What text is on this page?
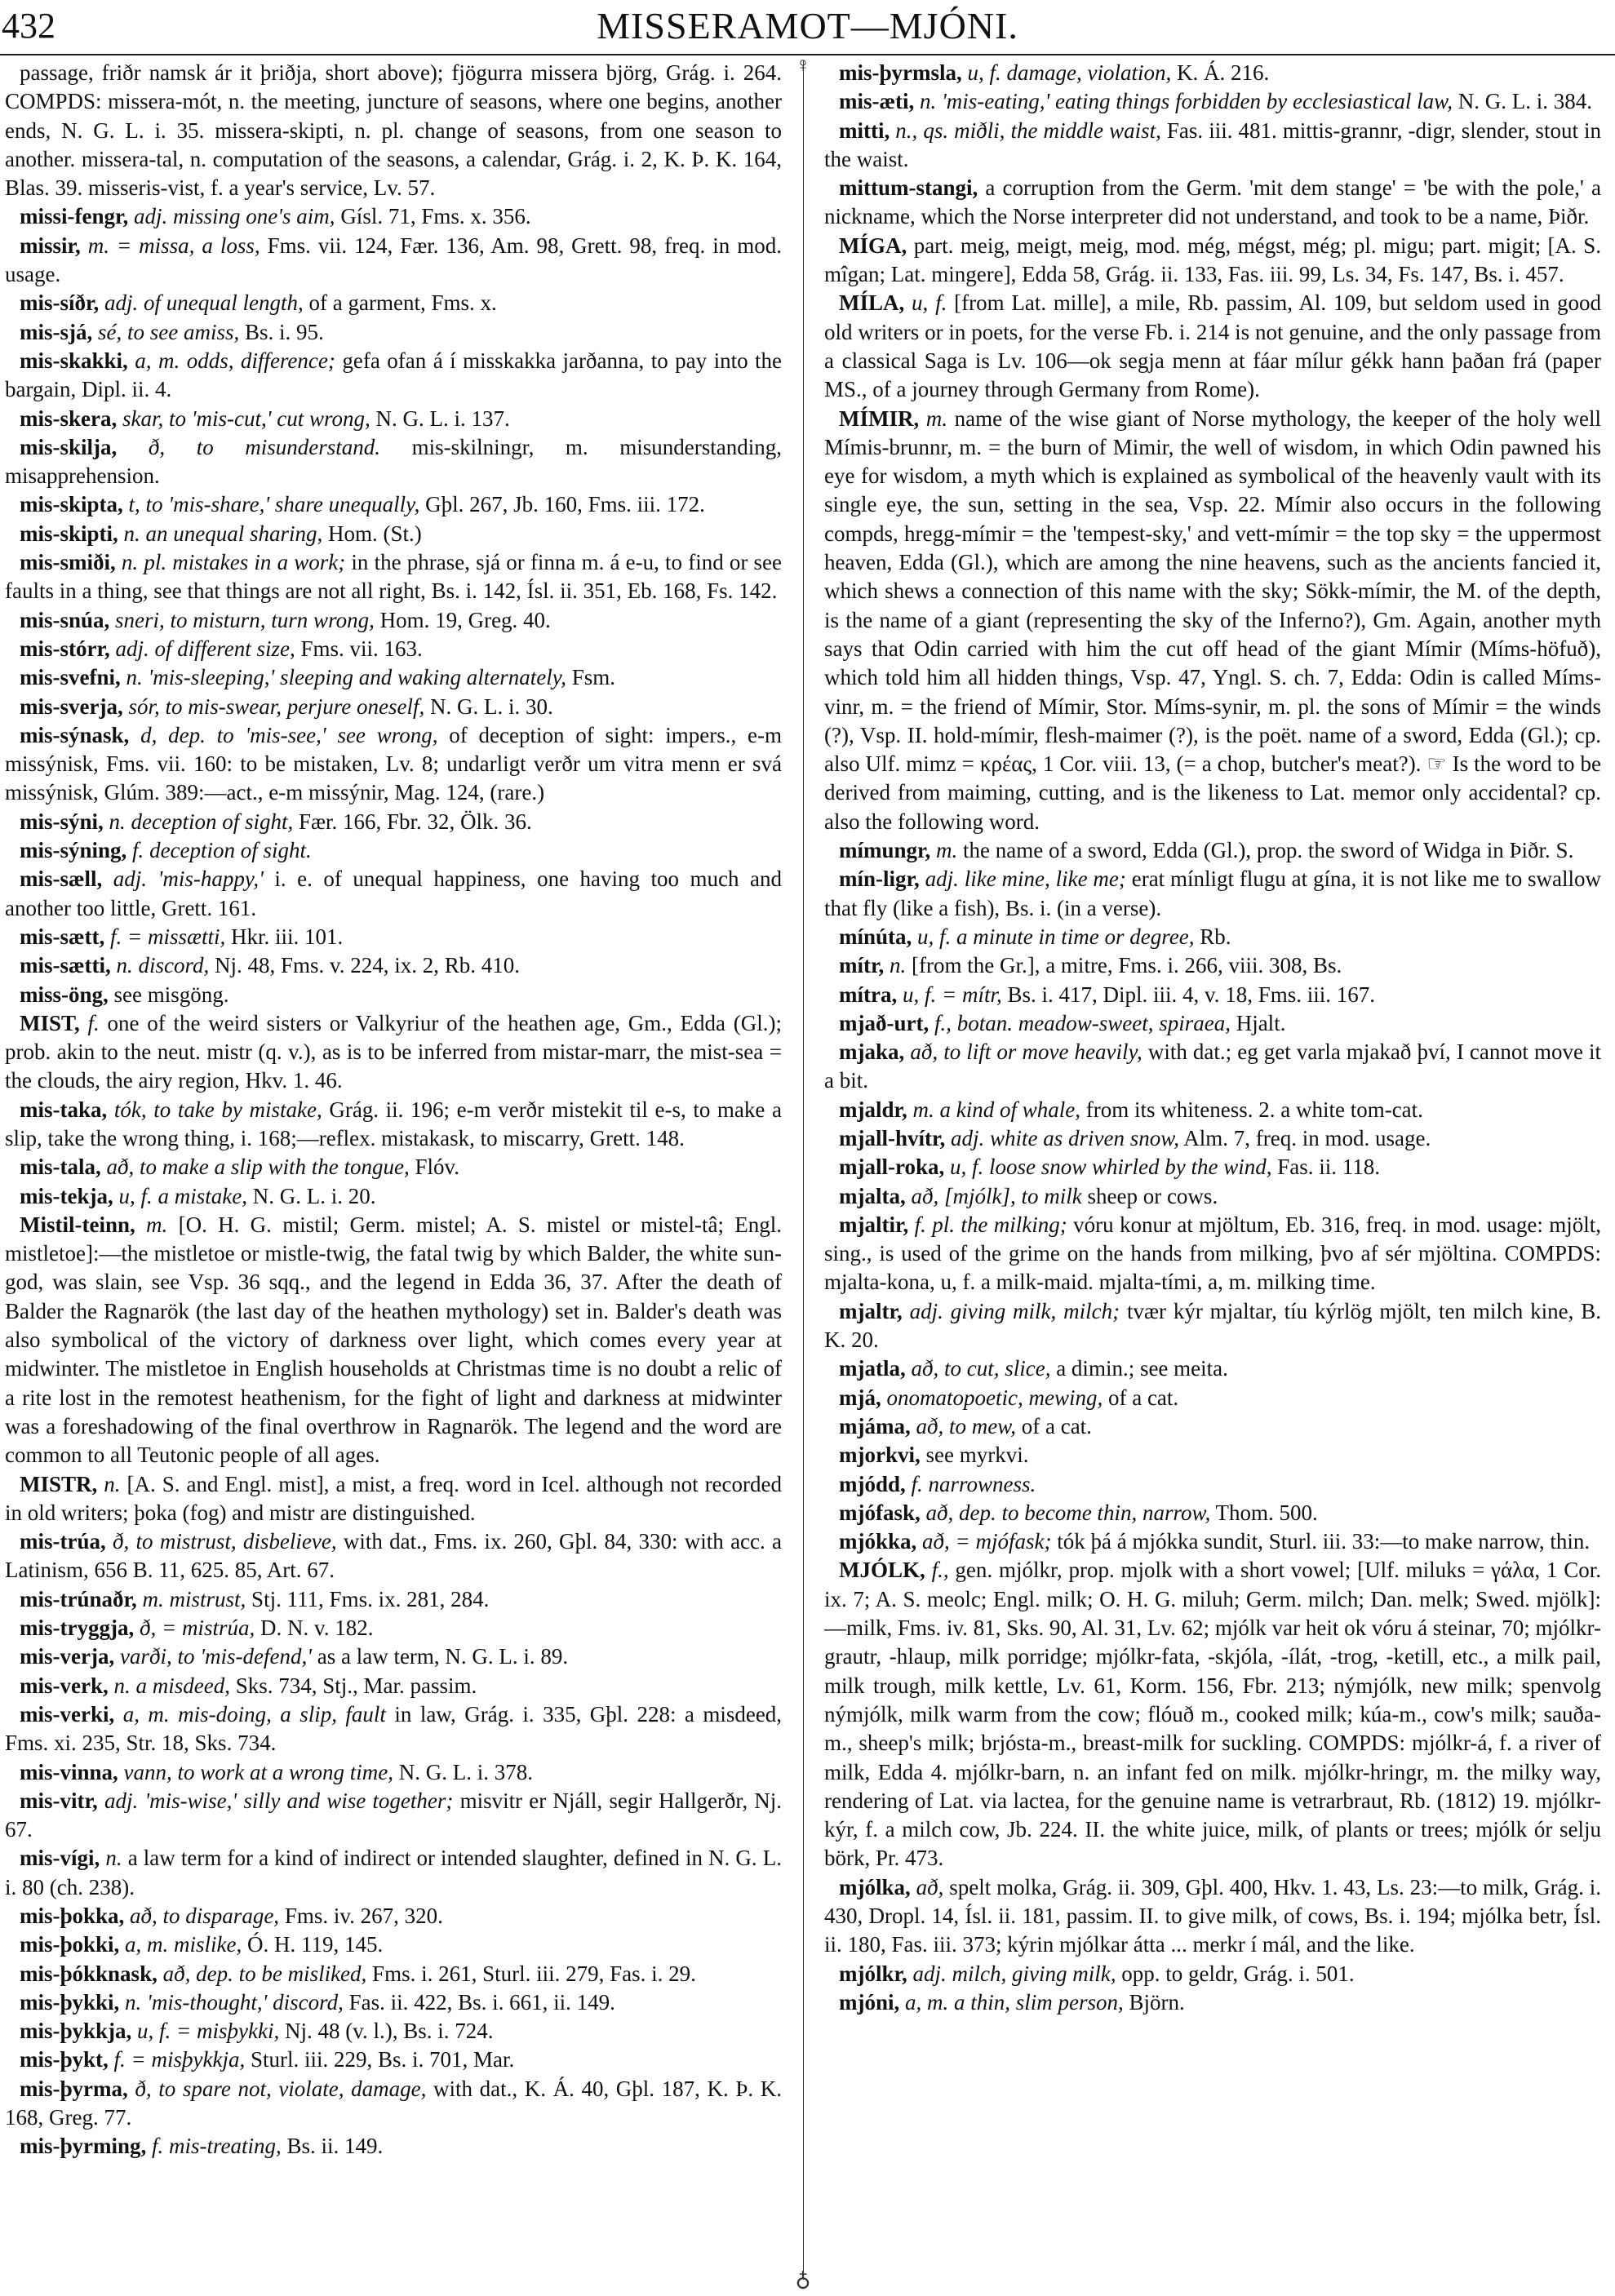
432	MISSERAMOT—MJÓNI.
♀
♁

passage, friðr namsk ár it þriðja, short above); fjögurra missera björg, Grág. i. 264. COMPDS: missera-mót, n. the meeting, juncture of seasons, where one begins, another ends, N. G. L. i. 35. missera-skipti, n. pl. change of seasons, from one season to another. missera-tal, n. computation of the seasons, a calendar, Grág. i. 2, K. Þ. K. 164, Blas. 39. misseris-vist, f. a year's service, Lv. 57.

missi-fengr, adj. missing one's aim, Gísl. 71, Fms. x. 356.

missir, m. = missa, a loss, Fms. vii. 124, Fær. 136, Am. 98, Grett. 98, freq. in mod. usage.

mis-síðr, adj. of unequal length, of a garment, Fms. x.

mis-sjá, sé, to see amiss, Bs. i. 95.

mis-skakki, a, m. odds, difference; gefa ofan á í misskakka jarðanna, to pay into the bargain, Dipl. ii. 4.

mis-skera, skar, to 'mis-cut,' cut wrong, N. G. L. i. 137.

mis-skilja, ð, to misunderstand. mis-skilningr, m. misunderstanding, misapprehension.

mis-skipta, t, to 'mis-share,' share unequally, Gþl. 267, Jb. 160, Fms. iii. 172.

mis-skipti, n. an unequal sharing, Hom. (St.)

mis-smiði, n. pl. mistakes in a work; in the phrase, sjá or finna m. á e-u, to find or see faults in a thing, see that things are not all right, Bs. i. 142, Ísl. ii. 351, Eb. 168, Fs. 142.

mis-snúa, sneri, to misturn, turn wrong, Hom. 19, Greg. 40.

mis-stórr, adj. of different size, Fms. vii. 163.

mis-svefni, n. 'mis-sleeping,' sleeping and waking alternately, Fsm.

mis-sverja, sór, to mis-swear, perjure oneself, N. G. L. i. 30.

mis-sýnask, d, dep. to 'mis-see,' see wrong, of deception of sight: impers., e-m missýnisk, Fms. vii. 160: to be mistaken, Lv. 8; undarligt verðr um vitra menn er svá missýnisk, Glúm. 389:—act., e-m missýnir, Mag. 124, (rare.)

mis-sýni, n. deception of sight, Fær. 166, Fbr. 32, Ölk. 36.

mis-sýning, f. deception of sight.

mis-sæll, adj. 'mis-happy,' i. e. of unequal happiness, one having too much and another too little, Grett. 161.

mis-sætt, f. = missætti, Hkr. iii. 101.

mis-sætti, n. discord, Nj. 48, Fms. v. 224, ix. 2, Rb. 410.

miss-öng, see misgöng.

MIST, f. one of the weird sisters or Valkyriur of the heathen age, Gm., Edda (Gl.); prob. akin to the neut. mistr (q. v.), as is to be inferred from mistar-marr, the mist-sea = the clouds, the airy region, Hkv. 1. 46.

mis-taka, tók, to take by mistake, Grág. ii. 196; e-m verðr mistekit til e-s, to make a slip, take the wrong thing, i. 168;—reflex. mistakask, to miscarry, Grett. 148.

mis-tala, að, to make a slip with the tongue, Flóv.

mis-tekja, u, f. a mistake, N. G. L. i. 20.

Mistil-teinn, m. [O. H. G. mistil; Germ. mistel; A. S. mistel or mistel-tâ; Engl. mistletoe]:—the mistletoe or mistle-twig, the fatal twig by which Balder, the white sun-god, was slain, see Vsp. 36 sqq., and the legend in Edda 36, 37. After the death of Balder the Ragnarök (the last day of the heathen mythology) set in. Balder's death was also symbolical of the victory of darkness over light, which comes every year at midwinter. The mistletoe in English households at Christmas time is no doubt a relic of a rite lost in the remotest heathenism, for the fight of light and darkness at midwinter was a foreshadowing of the final overthrow in Ragnarök. The legend and the word are common to all Teutonic people of all ages.

MISTR, n. [A. S. and Engl. mist], a mist, a freq. word in Icel. although not recorded in old writers; þoka (fog) and mistr are distinguished.

mis-trúa, ð, to mistrust, disbelieve, with dat., Fms. ix. 260, Gþl. 84, 330: with acc. a Latinism, 656 B. 11, 625. 85, Art. 67.

mis-trúnaðr, m. mistrust, Stj. 111, Fms. ix. 281, 284.

mis-tryggja, ð, = mistrúa, D. N. v. 182.

mis-verja, varði, to 'mis-defend,' as a law term, N. G. L. i. 89.

mis-verk, n. a misdeed, Sks. 734, Stj., Mar. passim.

mis-verki, a, m. mis-doing, a slip, fault in law, Grág. i. 335, Gþl. 228: a misdeed, Fms. xi. 235, Str. 18, Sks. 734.

mis-vinna, vann, to work at a wrong time, N. G. L. i. 378.

mis-vitr, adj. 'mis-wise,' silly and wise together; misvitr er Njáll, segir Hallgerðr, Nj. 67.

mis-vígi, n. a law term for a kind of indirect or intended slaughter, defined in N. G. L. i. 80 (ch. 238).

mis-þokka, að, to disparage, Fms. iv. 267, 320.

mis-þokki, a, m. mislike, Ó. H. 119, 145.

mis-þókknask, að, dep. to be misliked, Fms. i. 261, Sturl. iii. 279, Fas. i. 29.

mis-þykki, n. 'mis-thought,' discord, Fas. ii. 422, Bs. i. 661, ii. 149.

mis-þykkja, u, f. = misþykki, Nj. 48 (v. l.), Bs. i. 724.

mis-þykt, f. = misþykkja, Sturl. iii. 229, Bs. i. 701, Mar.

mis-þyrma, ð, to spare not, violate, damage, with dat., K. Á. 40, Gþl. 187, K. Þ. K. 168, Greg. 77.

mis-þyrming, f. mis-treating, Bs. ii. 149.

mis-þyrmsla, u, f. damage, violation, K. Á. 216.

mis-æti, n. 'mis-eating,' eating things forbidden by ecclesiastical law, N. G. L. i. 384.

mitti, n., qs. miðli, the middle waist, Fas. iii. 481. mittis-grannr, -digr, slender, stout in the waist.

mittum-stangi, a corruption from the Germ. 'mit dem stange' = 'be with the pole,' a nickname, which the Norse interpreter did not understand, and took to be a name, Þiðr.

MÍGA, part. meig, meigt, meig, mod. még, mégst, még; pl. migu; part. migit; [A. S. mîgan; Lat. mingere], Edda 58, Grág. ii. 133, Fas. iii. 99, Ls. 34, Fs. 147, Bs. i. 457.

MÍLA, u, f. [from Lat. mille], a mile, Rb. passim, Al. 109, but seldom used in good old writers or in poets, for the verse Fb. i. 214 is not genuine, and the only passage from a classical Saga is Lv. 106—ok segja menn at fáar mílur gékk hann þaðan frá (paper MS., of a journey through Germany from Rome).

MÍMIR, m. name of the wise giant of Norse mythology, the keeper of the holy well Mímis-brunnr, m. = the burn of Mimir, the well of wisdom, in which Odin pawned his eye for wisdom, a myth which is explained as symbolical of the heavenly vault with its single eye, the sun, setting in the sea, Vsp. 22. Mímir also occurs in the following compds, hregg-mímir = the 'tempest-sky,' and vett-mímir = the top sky = the uppermost heaven, Edda (Gl.), which are among the nine heavens, such as the ancients fancied it, which shews a connection of this name with the sky; Sökk-mímir, the M. of the depth, is the name of a giant (representing the sky of the Inferno?), Gm. Again, another myth says that Odin carried with him the cut off head of the giant Mímir (Míms-höfuð), which told him all hidden things, Vsp. 47, Yngl. S. ch. 7, Edda: Odin is called Míms-vinr, m. = the friend of Mímir, Stor. Míms-synir, m. pl. the sons of Mímir = the winds (?), Vsp. II. hold-mímir, flesh-maimer (?), is the poët. name of a sword, Edda (Gl.); cp. also Ulf. mimz = κρέας, 1 Cor. viii. 13, (= a chop, butcher's meat?). ☞ Is the word to be derived from maiming, cutting, and is the likeness to Lat. memor only accidental? cp. also the following word.

mímungr, m. the name of a sword, Edda (Gl.), prop. the sword of Widga in Þiðr. S.

mín-ligr, adj. like mine, like me; erat mínligt flugu at gína, it is not like me to swallow that fly (like a fish), Bs. i. (in a verse).

mínúta, u, f. a minute in time or degree, Rb.

mítr, n. [from the Gr.], a mitre, Fms. i. 266, viii. 308, Bs.

mítra, u, f. = mítr, Bs. i. 417, Dipl. iii. 4, v. 18, Fms. iii. 167.

mjað-urt, f., botan. meadow-sweet, spiraea, Hjalt.

mjaka, að, to lift or move heavily, with dat.; eg get varla mjakað því, I cannot move it a bit.

mjaldr, m. a kind of whale, from its whiteness. 2. a white tom-cat.

mjall-hvítr, adj. white as driven snow, Alm. 7, freq. in mod. usage.

mjall-roka, u, f. loose snow whirled by the wind, Fas. ii. 118.

mjalta, að, [mjólk], to milk sheep or cows.

mjaltir, f. pl. the milking; vóru konur at mjöltum, Eb. 316, freq. in mod. usage: mjölt, sing., is used of the grime on the hands from milking, þvo af sér mjöltina. COMPDS: mjalta-kona, u, f. a milk-maid. mjalta-tími, a, m. milking time.

mjaltr, adj. giving milk, milch; tvær kýr mjaltar, tíu kýrlög mjölt, ten milch kine, B. K. 20.

mjatla, að, to cut, slice, a dimin.; see meita.

mjá, onomatopoetic, mewing, of a cat.

mjáma, að, to mew, of a cat.

mjorkvi, see myrkvi.

mjódd, f. narrowness.

mjófask, að, dep. to become thin, narrow, Thom. 500.

mjókka, að, = mjófask; tók þá á mjókka sundit, Sturl. iii. 33:—to make narrow, thin.

MJÓLK, f., gen. mjólkr, prop. mjolk with a short vowel; [Ulf. miluks = γάλα, 1 Cor. ix. 7; A. S. meolc; Engl. milk; O. H. G. miluh; Germ. milch; Dan. melk; Swed. mjölk]:—milk, Fms. iv. 81, Sks. 90, Al. 31, Lv. 62; mjólk var heit ok vóru á steinar, 70; mjólkr-grautr, -hlaup, milk porridge; mjólkr-fata, -skjóla, -ílát, -trog, -ketill, etc., a milk pail, milk trough, milk kettle, Lv. 61, Korm. 156, Fbr. 213; nýmjólk, new milk; spenvolg nýmjólk, milk warm from the cow; flóuð m., cooked milk; kúa-m., cow's milk; sauða-m., sheep's milk; brjósta-m., breast-milk for suckling. COMPDS: mjólkr-á, f. a river of milk, Edda 4. mjólkr-barn, n. an infant fed on milk. mjólkr-hringr, m. the milky way, rendering of Lat. via lactea, for the genuine name is vetrarbraut, Rb. (1812) 19. mjólkr-kýr, f. a milch cow, Jb. 224. II. the white juice, milk, of plants or trees; mjólk ór selju börk, Pr. 473.

mjólka, að, spelt molka, Grág. ii. 309, Gþl. 400, Hkv. 1. 43, Ls. 23:—to milk, Grág. i. 430, Dropl. 14, Ísl. ii. 181, passim. II. to give milk, of cows, Bs. i. 194; mjólka betr, Ísl. ii. 180, Fas. iii. 373; kýrin mjólkar átta ... merkr í mál, and the like.

mjólkr, adj. milch, giving milk, opp. to geldr, Grág. i. 501.

mjóni, a, m. a thin, slim person, Björn.
